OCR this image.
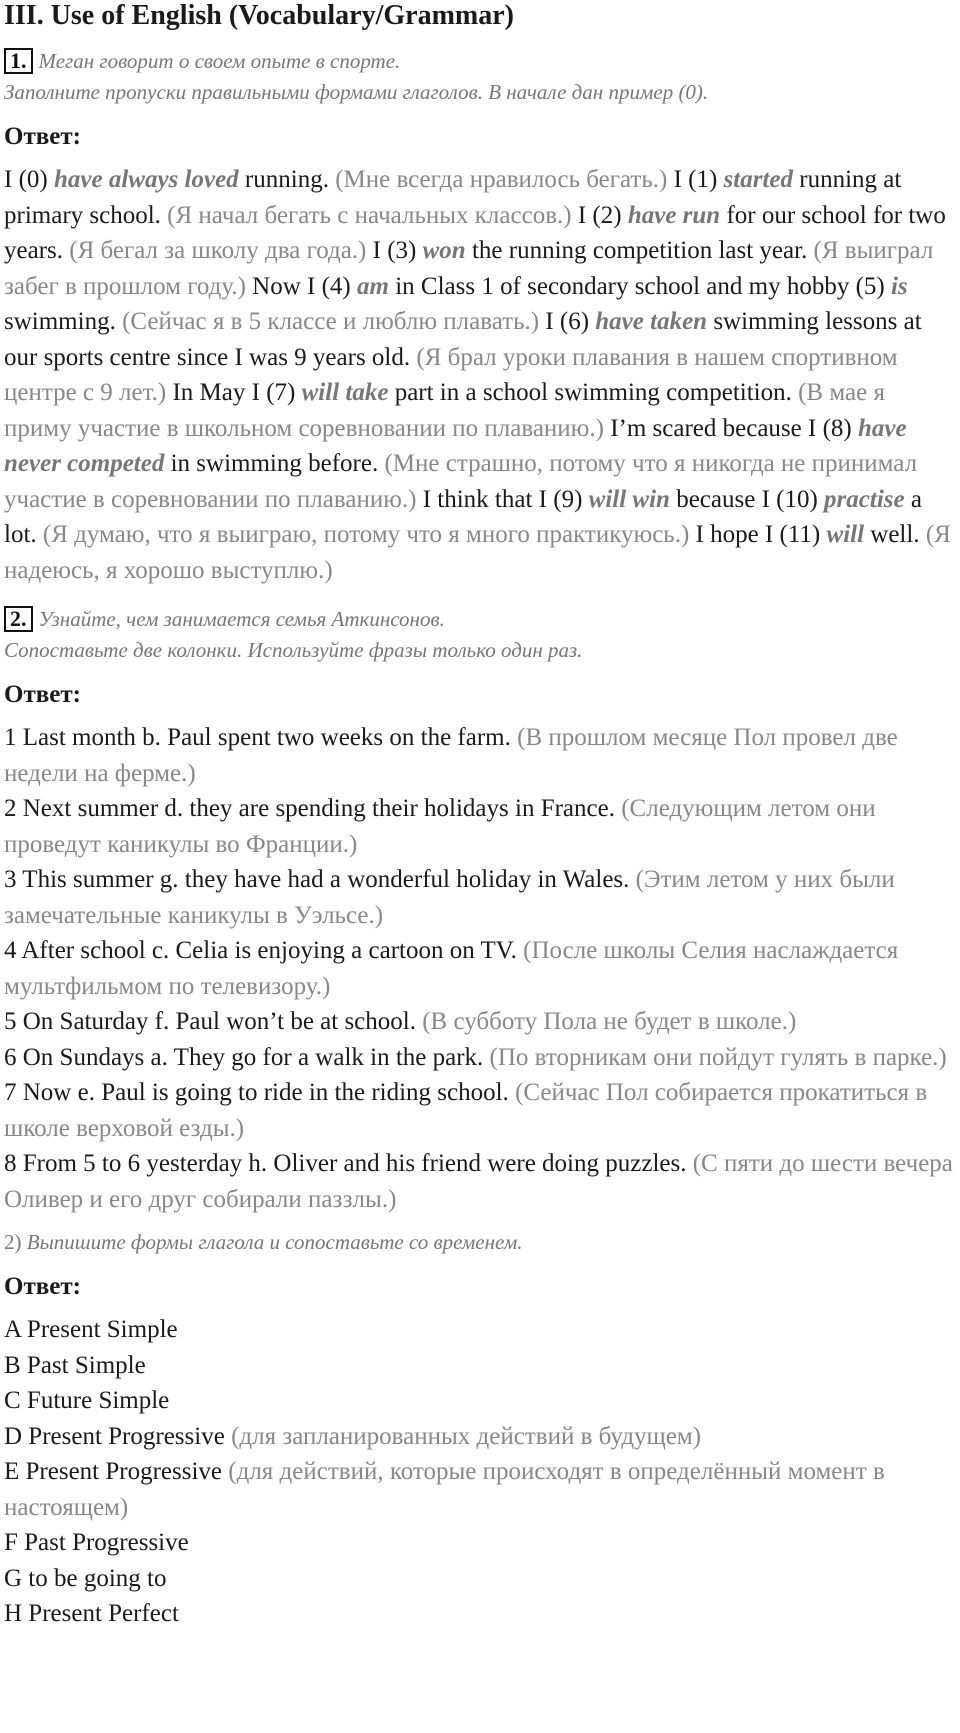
III. Use of English (Vocabulary/Grammar)
1. Меган говорит о своем опыте в спорте.
Заполните пропуски правильными формами глаголов. В начале дан пример (0).
Ответ:

I (0) have always loved running. (Мне всегда нравилось бегать.) I (1) started running at primary school. (Я начал бегать с начальных классов.) I (2) have run for our school for two years. (Я бегал за школу два года.) I (3) won the running competition last year. (Я выиграл забег в прошлом году.) Now I (4) am in Class 1 of secondary school and my hobby (5) is swimming. (Сейчас я в 5 классе и люблю плавать.) I (6) have taken swimming lessons at our sports centre since I was 9 years old. (Я брал уроки плавания в нашем спортивном центре с 9 лет.) In May I (7) will take part in a school swimming competition. (В мае я приму участие в школьном соревновании по плаванию.) I’m scared because I (8) have never competed in swimming before. (Мне страшно, потому что я никогда не принимал участие в соревновании по плаванию.) I think that I (9) will win because I (10) practise a lot. (Я думаю, что я выиграю, потому что я много практикуюсь.) I hope I (11) will well. (Я надеюсь, я хорошо выступлю.)

2. Узнайте, чем занимается семья Аткинсонов.
Сопоставьте две колонки. Используйте фразы только один раз.
Ответ:
1 Last month b. Paul spent two weeks on the farm. (В прошлом месяце Пол провел две недели на ферме.)
2 Next summer d. they are spending their holidays in France. (Следующим летом они проведут каникулы во Франции.)
3 This summer g. they have had a wonderful holiday in Wales. (Этим летом у них были замечательные каникулы в Уэльсе.)
4 After school c. Celia is enjoying a cartoon on TV. (После школы Селия наслаждается мультфильмом по телевизору.)
5 On Saturday f. Paul won’t be at school. (В субботу Пола не будет в школе.)
6 On Sundays a. They go for a walk in the park. (По вторникам они пойдут гулять в парке.)
7 Now e. Paul is going to ride in the riding school. (Сейчас Пол собирается прокатиться в школе верховой езды.)
8 From 5 to 6 yesterday h. Oliver and his friend were doing puzzles. (С пяти до шести вечера Оливер и его друг собирали паззлы.)
2) Выпишите формы глагола и сопоставьте со временем.
Ответ:
A Present Simple
B Past Simple
C Future Simple
D Present Progressive (для запланированных действий в будущем)
E Present Progressive (для действий, которые происходят в определённый момент в настоящем)
F Past Progressive
G to be going to
H Present Perfect
